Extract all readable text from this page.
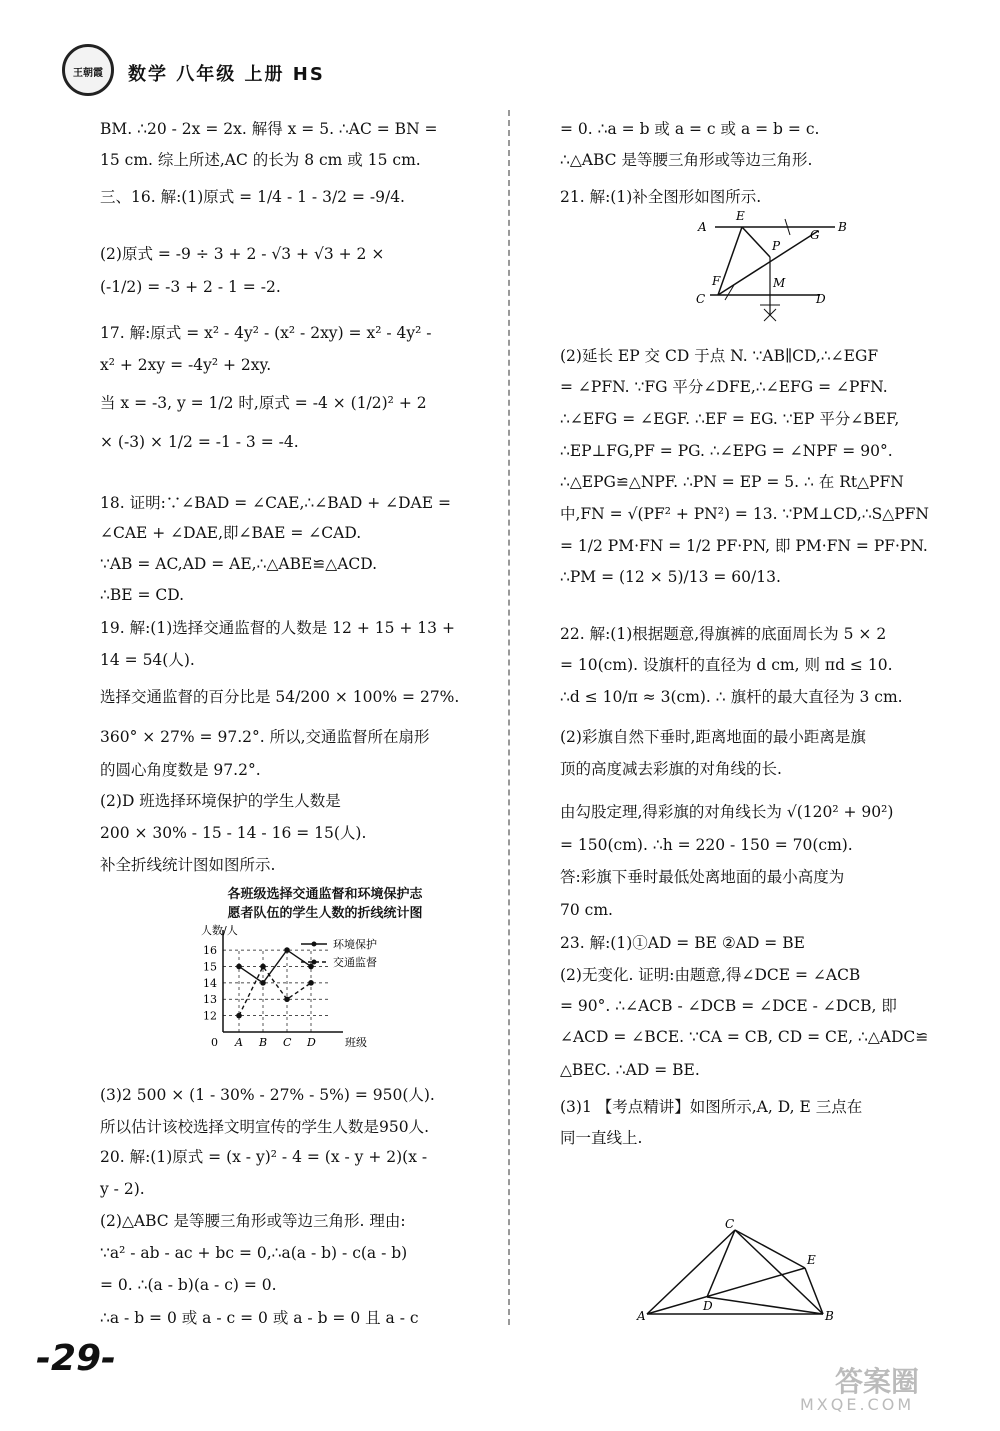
王朝霞	数学 八年级 上册 HS
BM. ∴20 - 2x = 2x. 解得 x = 5. ∴AC = BN =
15 cm. 综上所述,AC 的长为 8 cm 或 15 cm.
三、16. 解:(1)原式 = 1/4 - 1 - 3/2 = -9/4.
(2)原式 = -9 ÷ 3 + 2 - √3 + √3 + 2 ×
(-1/2) = -3 + 2 - 1 = -2.
17. 解:原式 = x² - 4y² - (x² - 2xy) = x² - 4y² -
x² + 2xy = -4y² + 2xy.
当 x = -3, y = 1/2 时,原式 = -4 × (1/2)² + 2
× (-3) × 1/2 = -1 - 3 = -4.
18. 证明:∵∠BAD = ∠CAE,∴∠BAD + ∠DAE =
∠CAE + ∠DAE,即∠BAE = ∠CAD.
∵AB = AC,AD = AE,∴△ABE≌△ACD.
∴BE = CD.
19. 解:(1)选择交通监督的人数是 12 + 15 + 13 +
14 = 54(人).
选择交通监督的百分比是 54/200 × 100% = 27%.
360° × 27% = 97.2°. 所以,交通监督所在扇形
的圆心角度数是 97.2°.
(2)D 班选择环境保护的学生人数是
200 × 30% - 15 - 14 - 16 = 15(人).
补全折线统计图如图所示.
(3)2 500 × (1 - 30% - 27% - 5%) = 950(人).
所以估计该校选择文明宣传的学生人数是950人.
20. 解:(1)原式 = (x - y)² - 4 = (x - y + 2)(x -
y - 2).
(2)△ABC 是等腰三角形或等边三角形. 理由:
∵a² - ab - ac + bc = 0,∴a(a - b) - c(a - b)
= 0. ∴(a - b)(a - c) = 0.
∴a - b = 0 或 a - c = 0 或 a - b = 0 且 a - c
= 0. ∴a = b 或 a = c 或 a = b = c.
∴△ABC 是等腰三角形或等边三角形.
21. 解:(1)补全图形如图所示.
(2)延长 EP 交 CD 于点 N. ∵AB∥CD,∴∠EGF
= ∠PFN. ∵FG 平分∠DFE,∴∠EFG = ∠PFN.
∴∠EFG = ∠EGF. ∴EF = EG. ∵EP 平分∠BEF,
∴EP⊥FG,PF = PG. ∴∠EPG = ∠NPF = 90°.
∴△EPG≌△NPF. ∴PN = EP = 5. ∴ 在 Rt△PFN
中,FN = √(PF² + PN²) = 13. ∵PM⊥CD,∴S△PFN
= 1/2 PM·FN = 1/2 PF·PN, 即 PM·FN = PF·PN.
∴PM = (12 × 5)/13 = 60/13.
22. 解:(1)根据题意,得旗裤的底面周长为 5 × 2
= 10(cm). 设旗杆的直径为 d cm, 则 πd ≤ 10.
∴d ≤ 10/π ≈ 3(cm). ∴ 旗杆的最大直径为 3 cm.
(2)彩旗自然下垂时,距离地面的最小距离是旗
顶的高度减去彩旗的对角线的长.
由勾股定理,得彩旗的对角线长为 √(120² + 90²)
= 150(cm). ∴h = 220 - 150 = 70(cm).
答:彩旗下垂时最低处离地面的最小高度为
70 cm.
23. 解:(1)①AD = BE ②AD = BE
(2)无变化. 证明:由题意,得∠DCE = ∠ACB
= 90°. ∴∠ACB - ∠DCB = ∠DCE - ∠DCB, 即
∠ACD = ∠BCE. ∵CA = CB, CD = CE, ∴△ADC≌
△BEC. ∴AD = BE.
(3)1 【考点精讲】如图所示,A, D, E 三点在
同一直线上.
各班级选择交通监督和环境保护志
愿者队伍的学生人数的折线统计图
人数/人
班级
0
12
13
14
15
16
A B C D
环境保护
交通监督
A
E
B
G
P
M
F
C	D
C
E
D
A	B
-29-
答案圈
MXQE.COM
